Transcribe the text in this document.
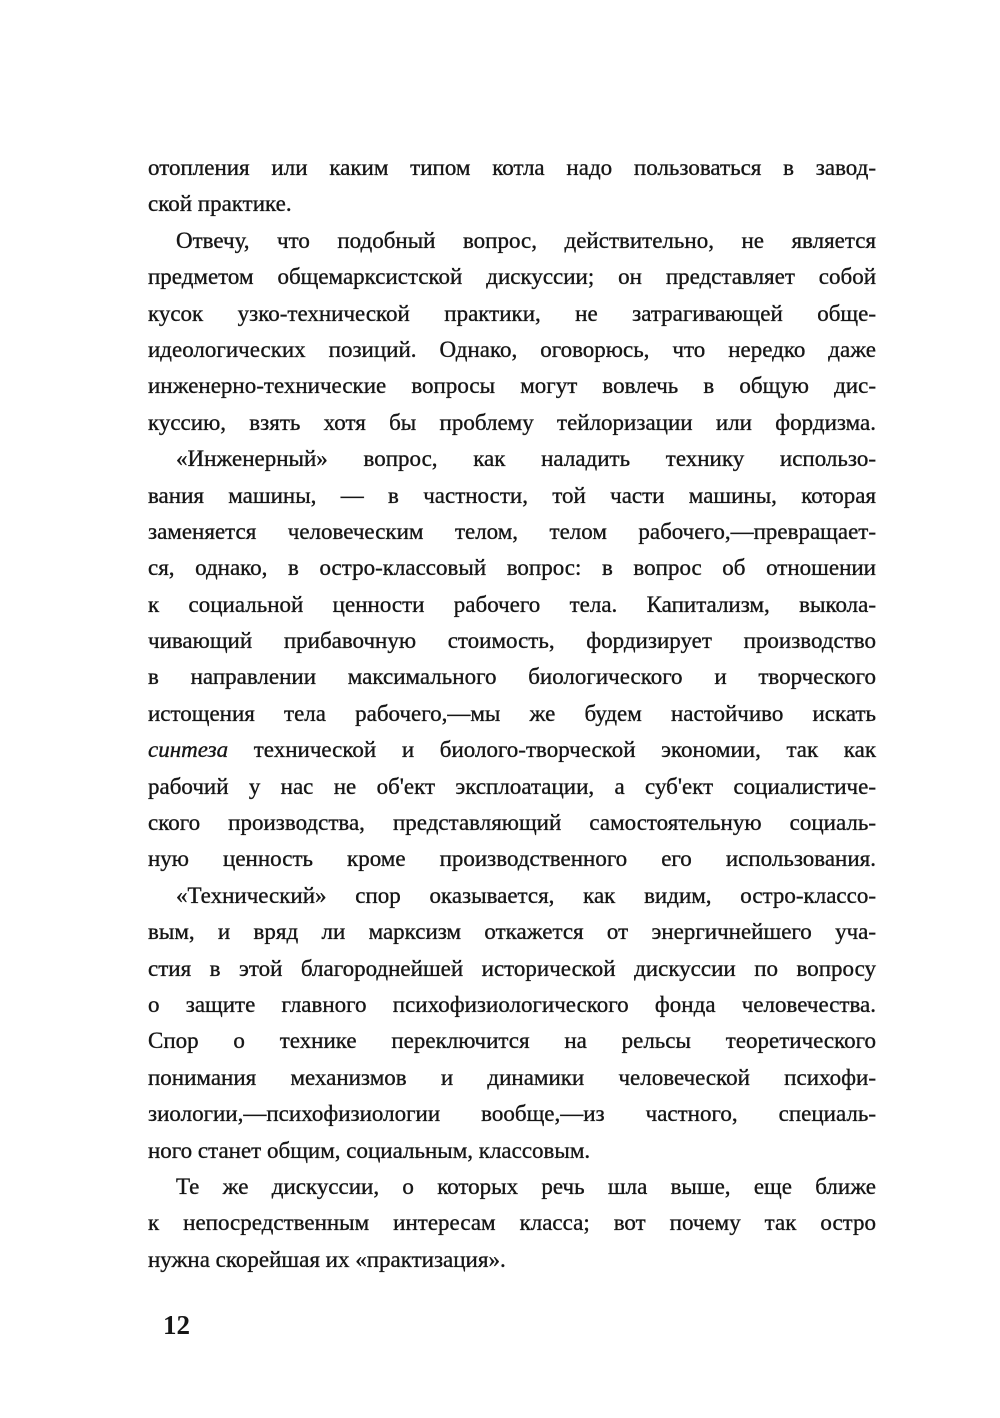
отопления или каким типом котла надо пользоваться в завод-
ской практике.
Отвечу, что подобный вопрос, действительно, не является
предметом общемарксистской дискуссии; он представляет собой
кусок узко-технической практики, не затрагивающей обще-
идеологических позиций. Однако, оговорюсь, что нередко даже
инженерно-технические вопросы могут вовлечь в общую дис-
куссию, взять хотя бы проблему тейлоризации или фордизма.
«Инженерный» вопрос, как наладить технику использо-
вания машины, — в частности, той части машины, которая
заменяется человеческим телом, телом рабочего,—превращает-
ся, однако, в остро-классовый вопрос: в вопрос об отношении
к социальной ценности рабочего тела. Капитализм, выкола-
чивающий прибавочную стоимость, фордизирует производство
в направлении максимального биологического и творческого
истощения тела рабочего,—мы же будем настойчиво искать
синтеза технической и биолого-творческой экономии, так как
рабочий у нас не об'ект эксплоатации, а суб'ект социалистиче-
ского производства, представляющий самостоятельную социаль-
ную ценность кроме производственного его использования.
«Технический» спор оказывается, как видим, остро-классо-
вым, и вряд ли марксизм откажется от энергичнейшего уча-
стия в этой благороднейшей исторической дискуссии по вопросу
о защите главного психофизиологического фонда человечества.
Спор о технике переключится на рельсы теоретического
понимания механизмов и динамики человеческой психофи-
зиологии,—психофизиологии вообще,—из частного, специаль-
ного станет общим, социальным, классовым.
Те же дискуссии, о которых речь шла выше, еще ближе
к непосредственным интересам класса; вот почему так остро
нужна скорейшая их «практизация».
12
